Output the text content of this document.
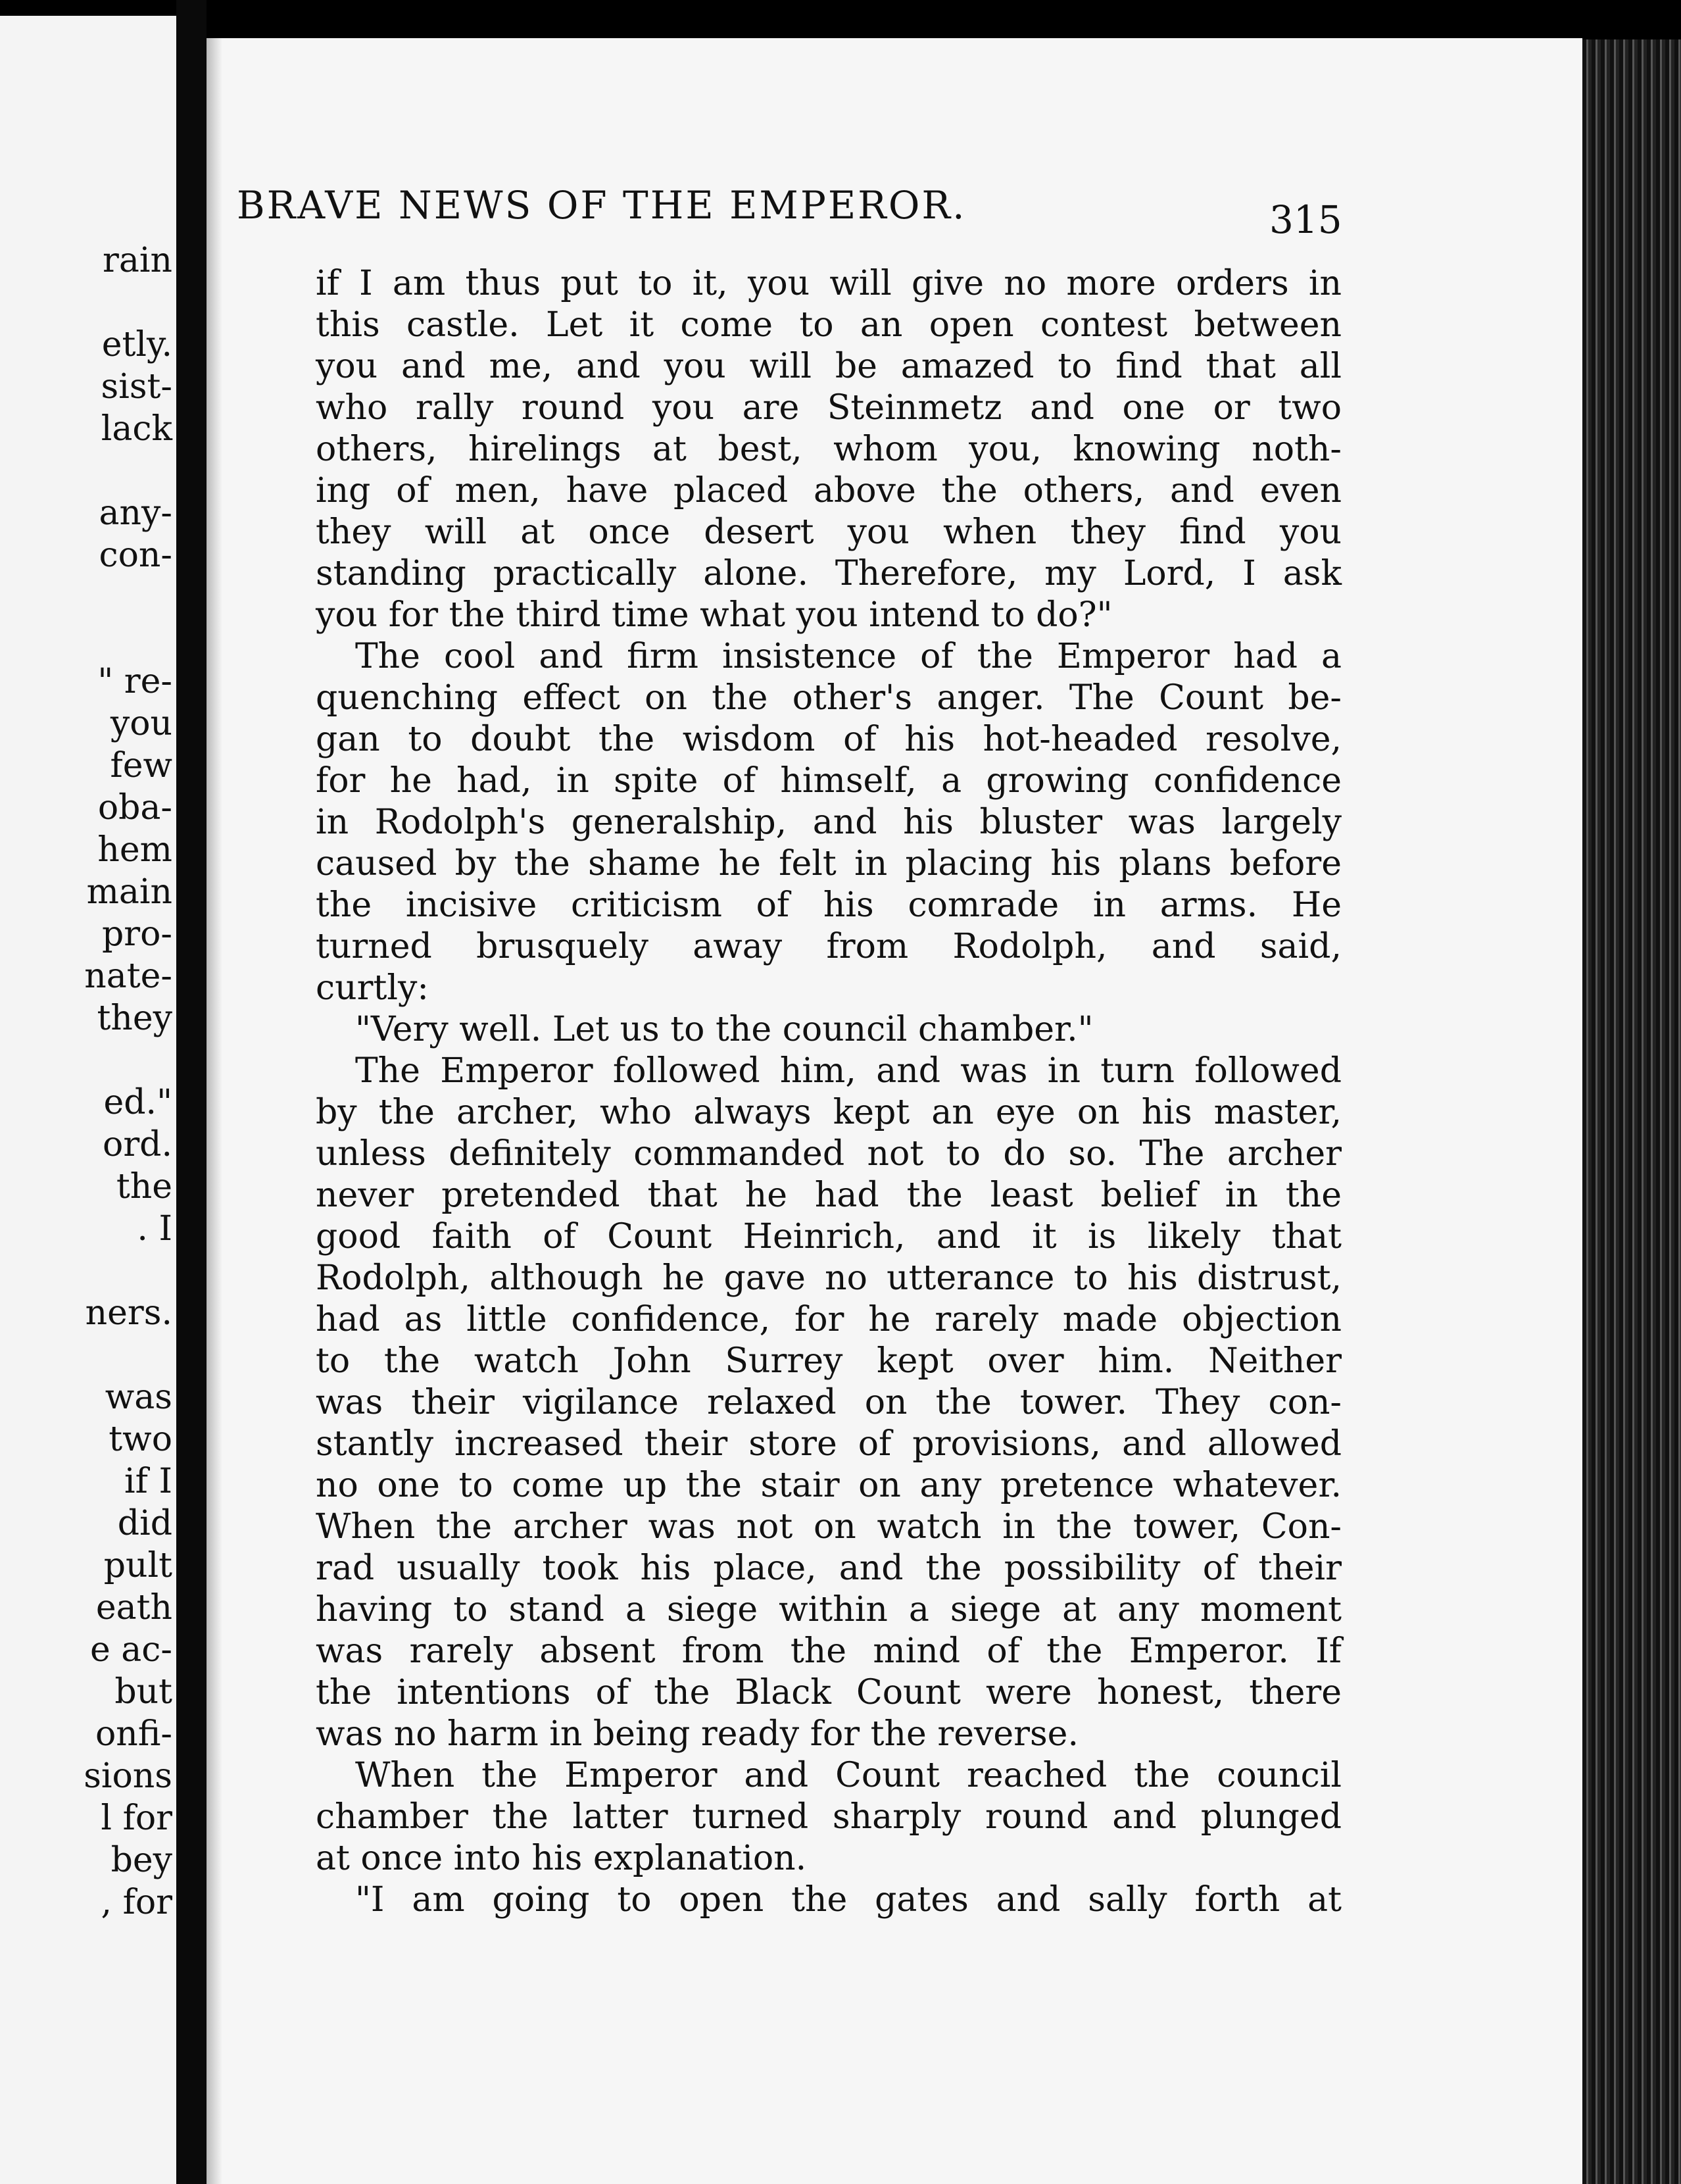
rain
etly.
sist-
lack
any-
con-
" re-
you
few
oba-
hem
main
pro-
nate-
they
ed."
ord.
the
. I
ners.
was
two
if I
did
pult
eath
e ac-
but
onfi-
sions
l for
bey
, for
BRAVE NEWS OF THE EMPEROR.	315
if I am thus put to it, you will give no more orders in
this castle. Let it come to an open contest between
you and me, and you will be amazed to find that all
who rally round you are Steinmetz and one or two
others, hirelings at best, whom you, knowing noth-
ing of men, have placed above the others, and even
they will at once desert you when they find you
standing practically alone. Therefore, my Lord, I ask
you for the third time what you intend to do?"
The cool and firm insistence of the Emperor had a
quenching effect on the other's anger. The Count be-
gan to doubt the wisdom of his hot-headed resolve,
for he had, in spite of himself, a growing confidence
in Rodolph's generalship, and his bluster was largely
caused by the shame he felt in placing his plans before
the incisive criticism of his comrade in arms. He
turned brusquely away from Rodolph, and said,
curtly:
"Very well. Let us to the council chamber."
The Emperor followed him, and was in turn followed
by the archer, who always kept an eye on his master,
unless definitely commanded not to do so. The archer
never pretended that he had the least belief in the
good faith of Count Heinrich, and it is likely that
Rodolph, although he gave no utterance to his distrust,
had as little confidence, for he rarely made objection
to the watch John Surrey kept over him. Neither
was their vigilance relaxed on the tower. They con-
stantly increased their store of provisions, and allowed
no one to come up the stair on any pretence whatever.
When the archer was not on watch in the tower, Con-
rad usually took his place, and the possibility of their
having to stand a siege within a siege at any moment
was rarely absent from the mind of the Emperor. If
the intentions of the Black Count were honest, there
was no harm in being ready for the reverse.
When the Emperor and Count reached the council
chamber the latter turned sharply round and plunged
at once into his explanation.
"I am going to open the gates and sally forth at
